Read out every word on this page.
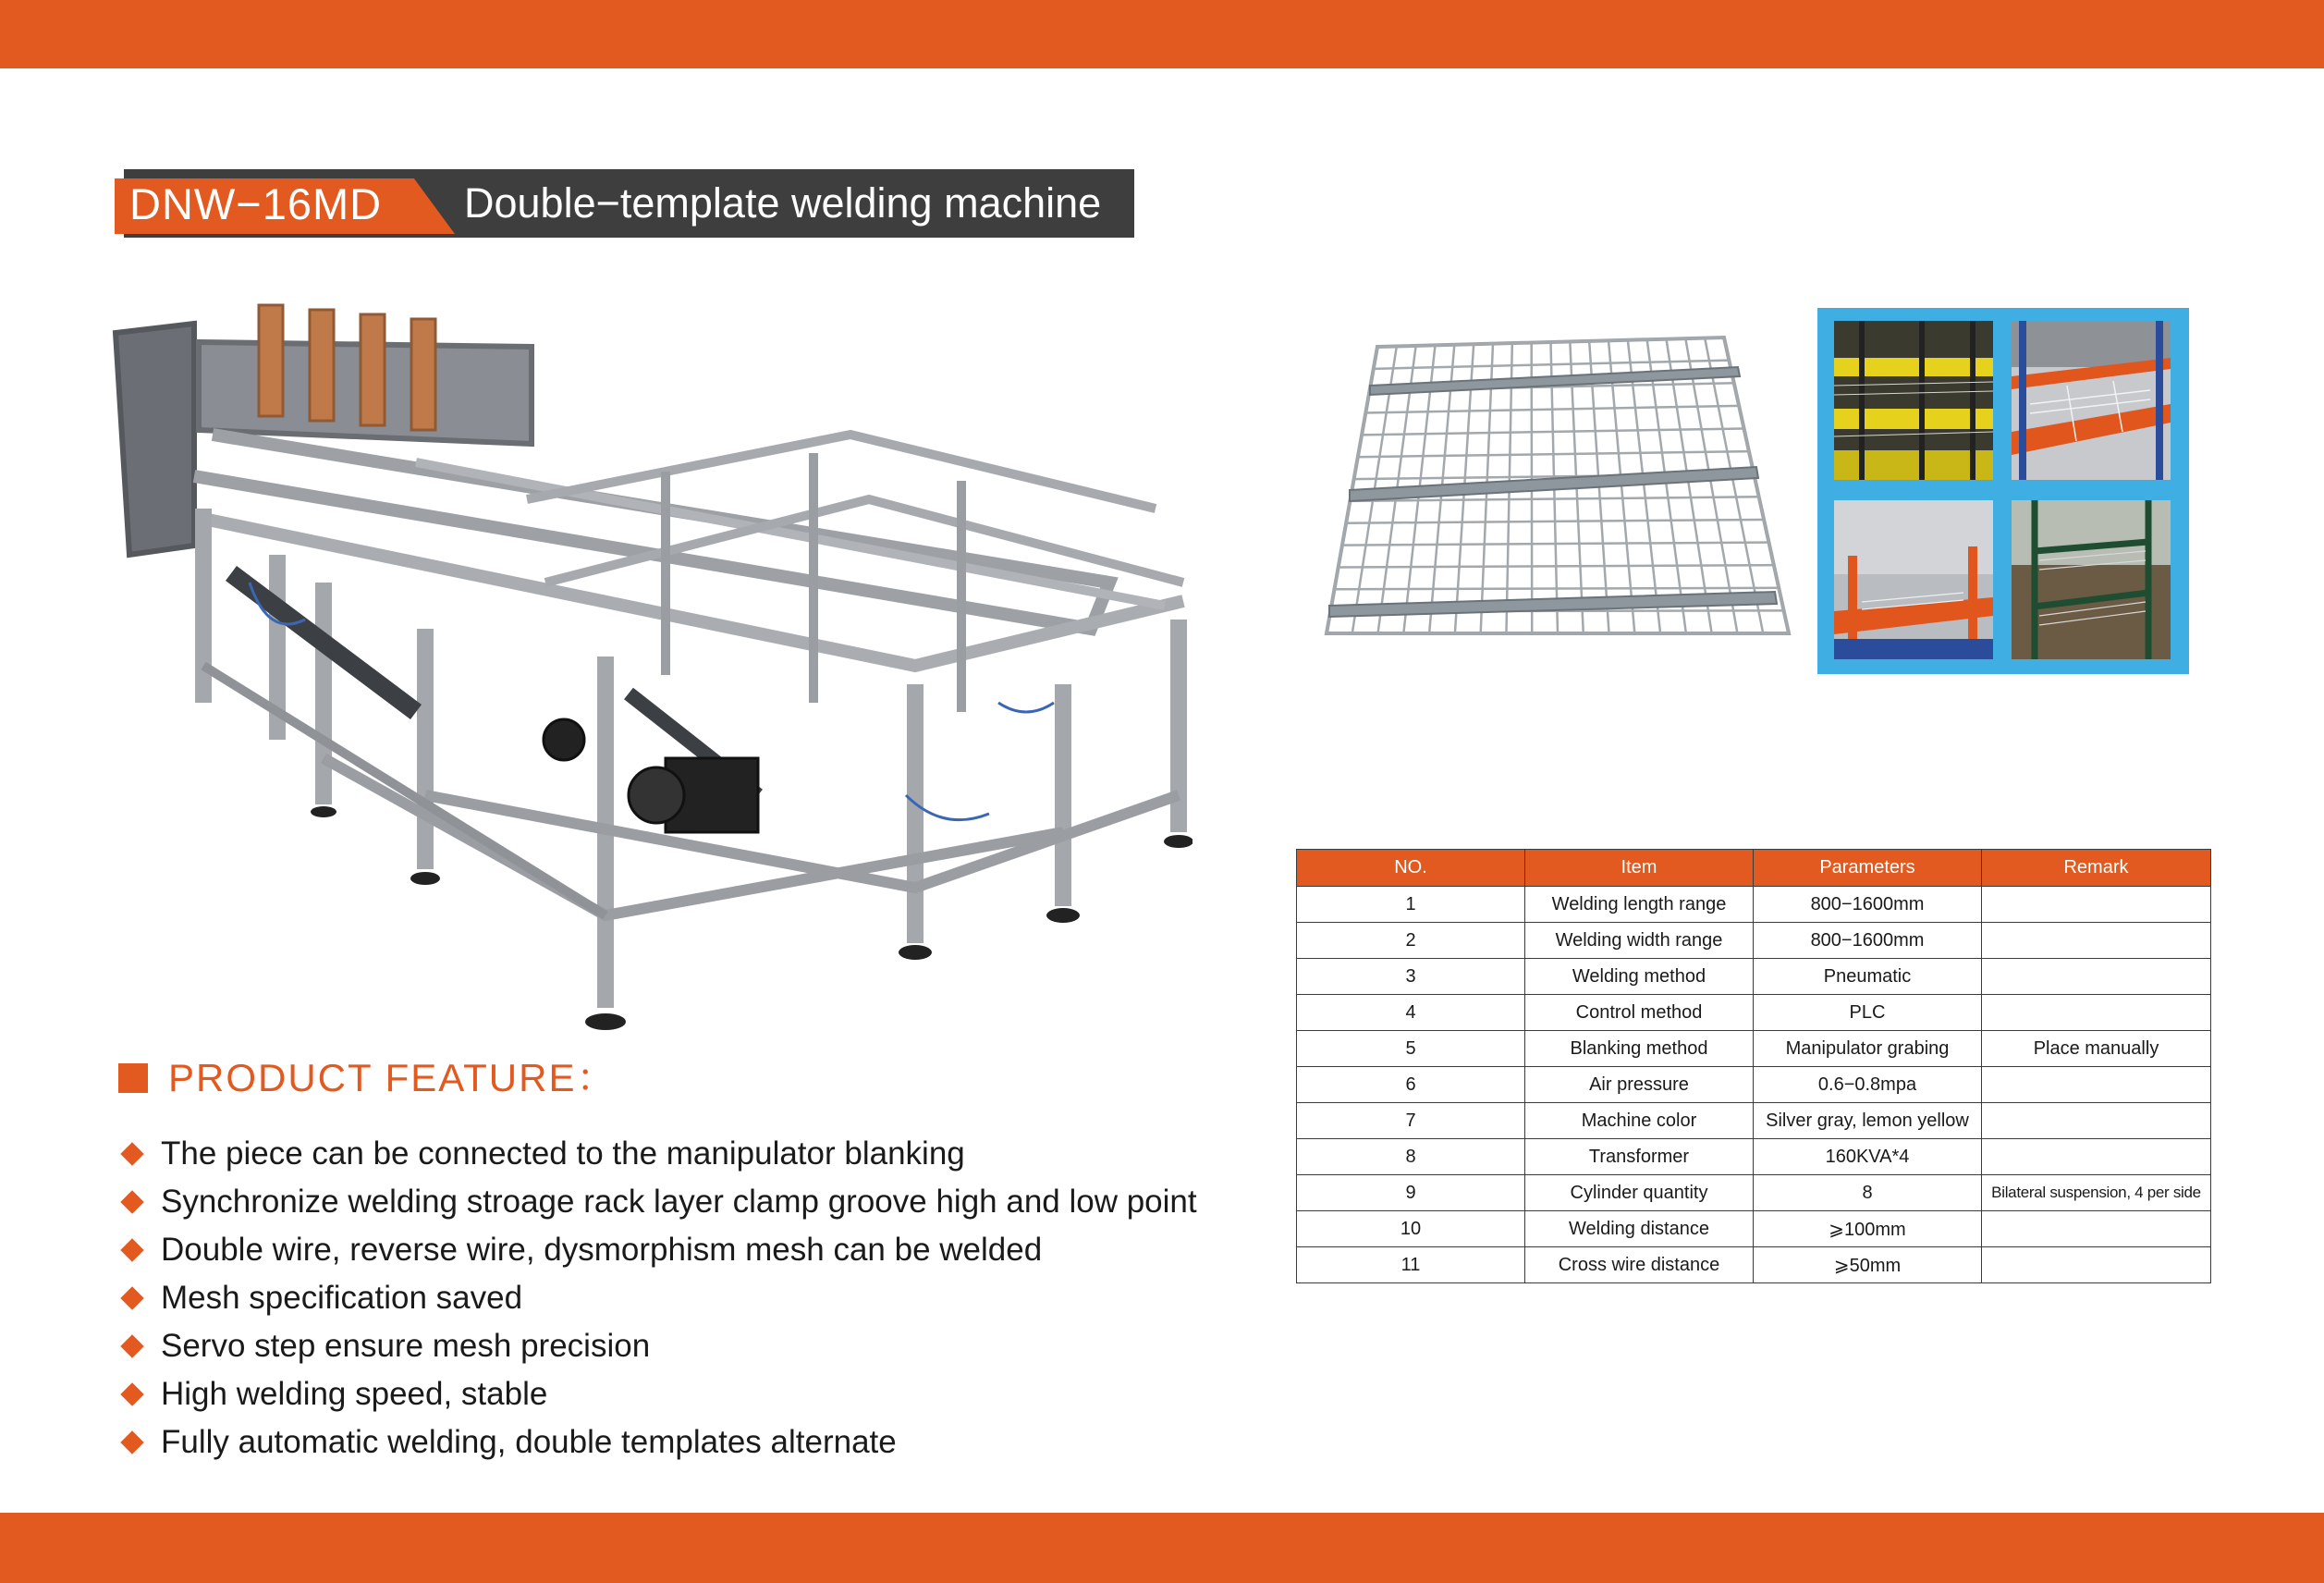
DNW−16MD Double−template welding machine
PRODUCT FEATURE：
The piece can be connected to the manipulator blanking
Synchronize welding stroage rack layer clamp groove high and low point
Double wire, reverse wire, dysmorphism mesh can be welded
Mesh specification saved
Servo step ensure mesh precision
High welding speed, stable
Fully automatic welding, double templates alternate
NO.	Item	Parameters	Remark
1	Welding length range	800−1600mm	
2	Welding width range	800−1600mm	
3	Welding method	Pneumatic	
4	Control method	PLC	
5	Blanking method	Manipulator grabing	Place manually
6	Air pressure	0.6−0.8mpa	
7	Machine color	Silver gray, lemon yellow	
8	Transformer	160KVA*4	
9	Cylinder quantity	8	Bilateral suspension, 4 per side
10	Welding distance	⩾100mm	
11	Cross wire distance	⩾50mm	
